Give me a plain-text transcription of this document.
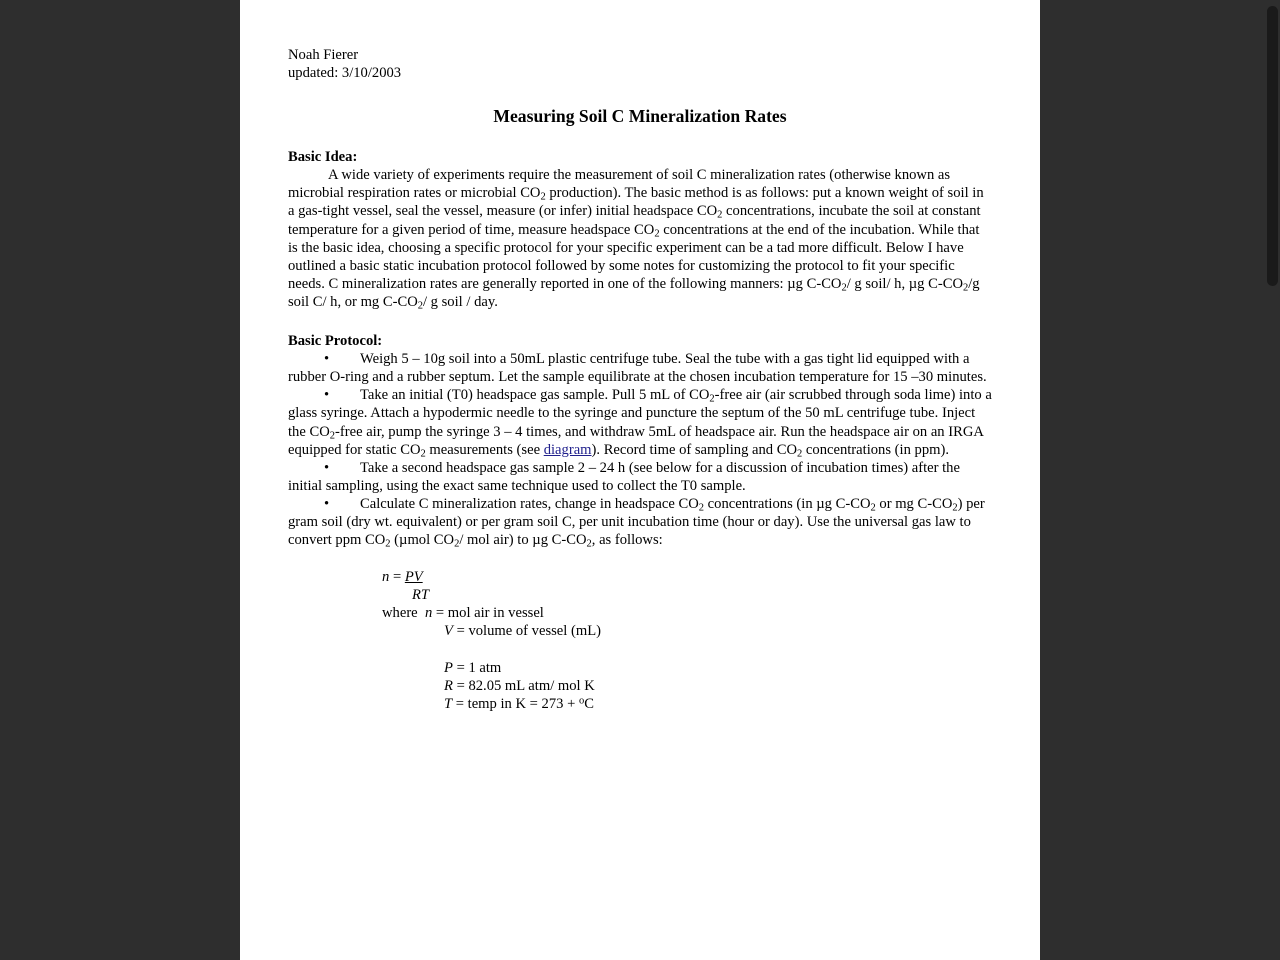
Noah Fierer
updated: 3/10/2003
Measuring Soil C Mineralization Rates
Basic Idea:

A wide variety of experiments require the measurement of soil C mineralization rates (otherwise known as microbial respiration rates or microbial $CO_2$ production). The basic method is as follows: put a known weight of soil in a gas-tight vessel, seal the vessel, measure (or infer) initial headspace $CO_2$ concentrations, incubate the soil at constant temperature for a given period of time, measure headspace $CO_2$ concentrations at the end of the incubation. While that is the basic idea, choosing a specific protocol for your specific experiment can be a tad more difficult. Below I have outlined a basic static incubation protocol followed by some notes for customizing the protocol to fit your specific needs. C mineralization rates are generally reported in one of the following manners: µg $C-CO_2/$ g soil/ h, µg $C-CO_2/g$ soil C/ h, or mg $C-CO_2/$ g soil / day.

Basic Protocol:

• Weigh 5 – 10g soil into a 50mL plastic centrifuge tube. Seal the tube with a gas tight lid equipped with a rubber O-ring and a rubber septum. Let the sample equilibrate at the chosen incubation temperature for 15 –30 minutes.

• Take an initial (T0) headspace gas sample. Pull 5 mL of $CO_2$-free air (air scrubbed through soda lime) into a glass syringe. Attach a hypodermic needle to the syringe and puncture the septum of the 50 mL centrifuge tube. Inject the $CO_2$-free air, pump the syringe 3 – 4 times, and withdraw 5mL of headspace air. Run the headspace air on an IRGA equipped for static $CO_2$ measurements (see diagram). Record time of sampling and $CO_2$ concentrations (in ppm).

• Take a second headspace gas sample 2 – 24 h (see below for a discussion of incubation times) after the initial sampling, using the exact same technique used to collect the T0 sample.

• Calculate C mineralization rates, change in headspace $CO_2$ concentrations (in µg $C-CO_2$ or mg $C-CO_2$) per gram soil (dry wt. equivalent) or per gram soil C, per unit incubation time (hour or day). Use the universal gas law to convert ppm $CO_2$ (µmol $CO_2/$ mol air) to µg $C-CO_2$, as follows:

n = PV
RT
where  n = mol air in vessel
V = volume of vessel (mL)
P = 1 atm
R = 82.05 mL atm/ mol K
T = temp in K = 273 + $^o$C
